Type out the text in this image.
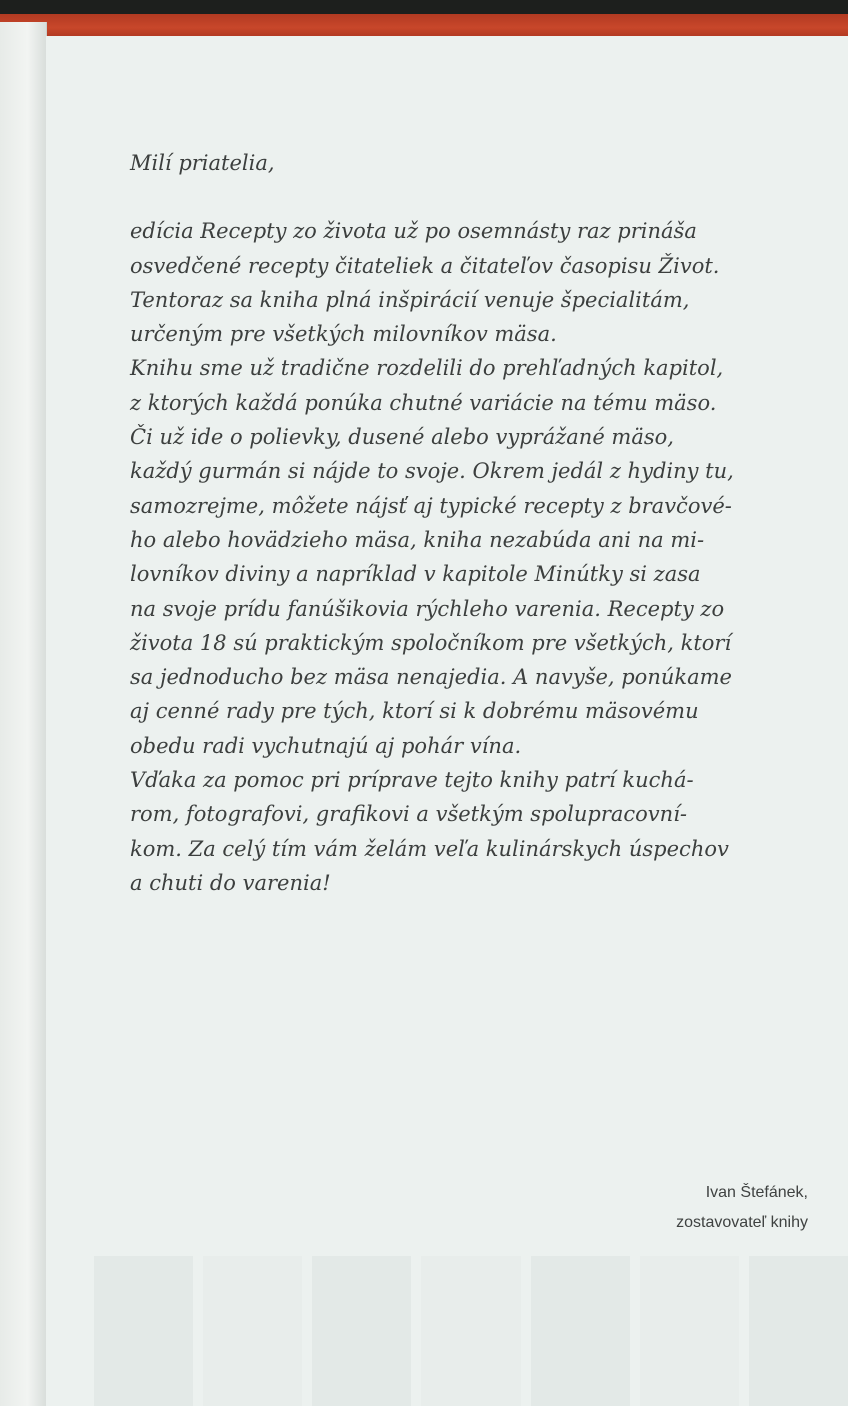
Milí priatelia,
edícia Recepty zo života už po osemnásty raz prináša
osvedčené recepty čitateliek a čitateľov časopisu Život.
Tentoraz sa kniha plná inšpirácií venuje špecialitám,
určeným pre všetkých milovníkov mäsa.
Knihu sme už tradične rozdelili do prehľadných kapitol,
z ktorých každá ponúka chutné variácie na tému mäso.
Či už ide o polievky, dusené alebo vyprážané mäso,
každý gurmán si nájde to svoje. Okrem jedál z hydiny tu,
samozrejme, môžete nájsť aj typické recepty z bravčové-
ho alebo hovädzieho mäsa, kniha nezabúda ani na mi-
lovníkov diviny a napríklad v kapitole Minútky si zasa
na svoje prídu fanúšikovia rýchleho varenia. Recepty zo
života 18 sú praktickým spoločníkom pre všetkých, ktorí
sa jednoducho bez mäsa nenajedia. A navyše, ponúkame
aj cenné rady pre tých, ktorí si k dobrému mäsovému
obedu radi vychutnajú aj pohár vína.
Vďaka za pomoc pri príprave tejto knihy patrí kuchá-
rom, fotografovi, grafikovi a všetkým spolupracovní-
kom. Za celý tím vám želám veľa kulinárskych úspechov
a chuti do varenia!
Ivan Štefánek,
zostavovateľ knihy
